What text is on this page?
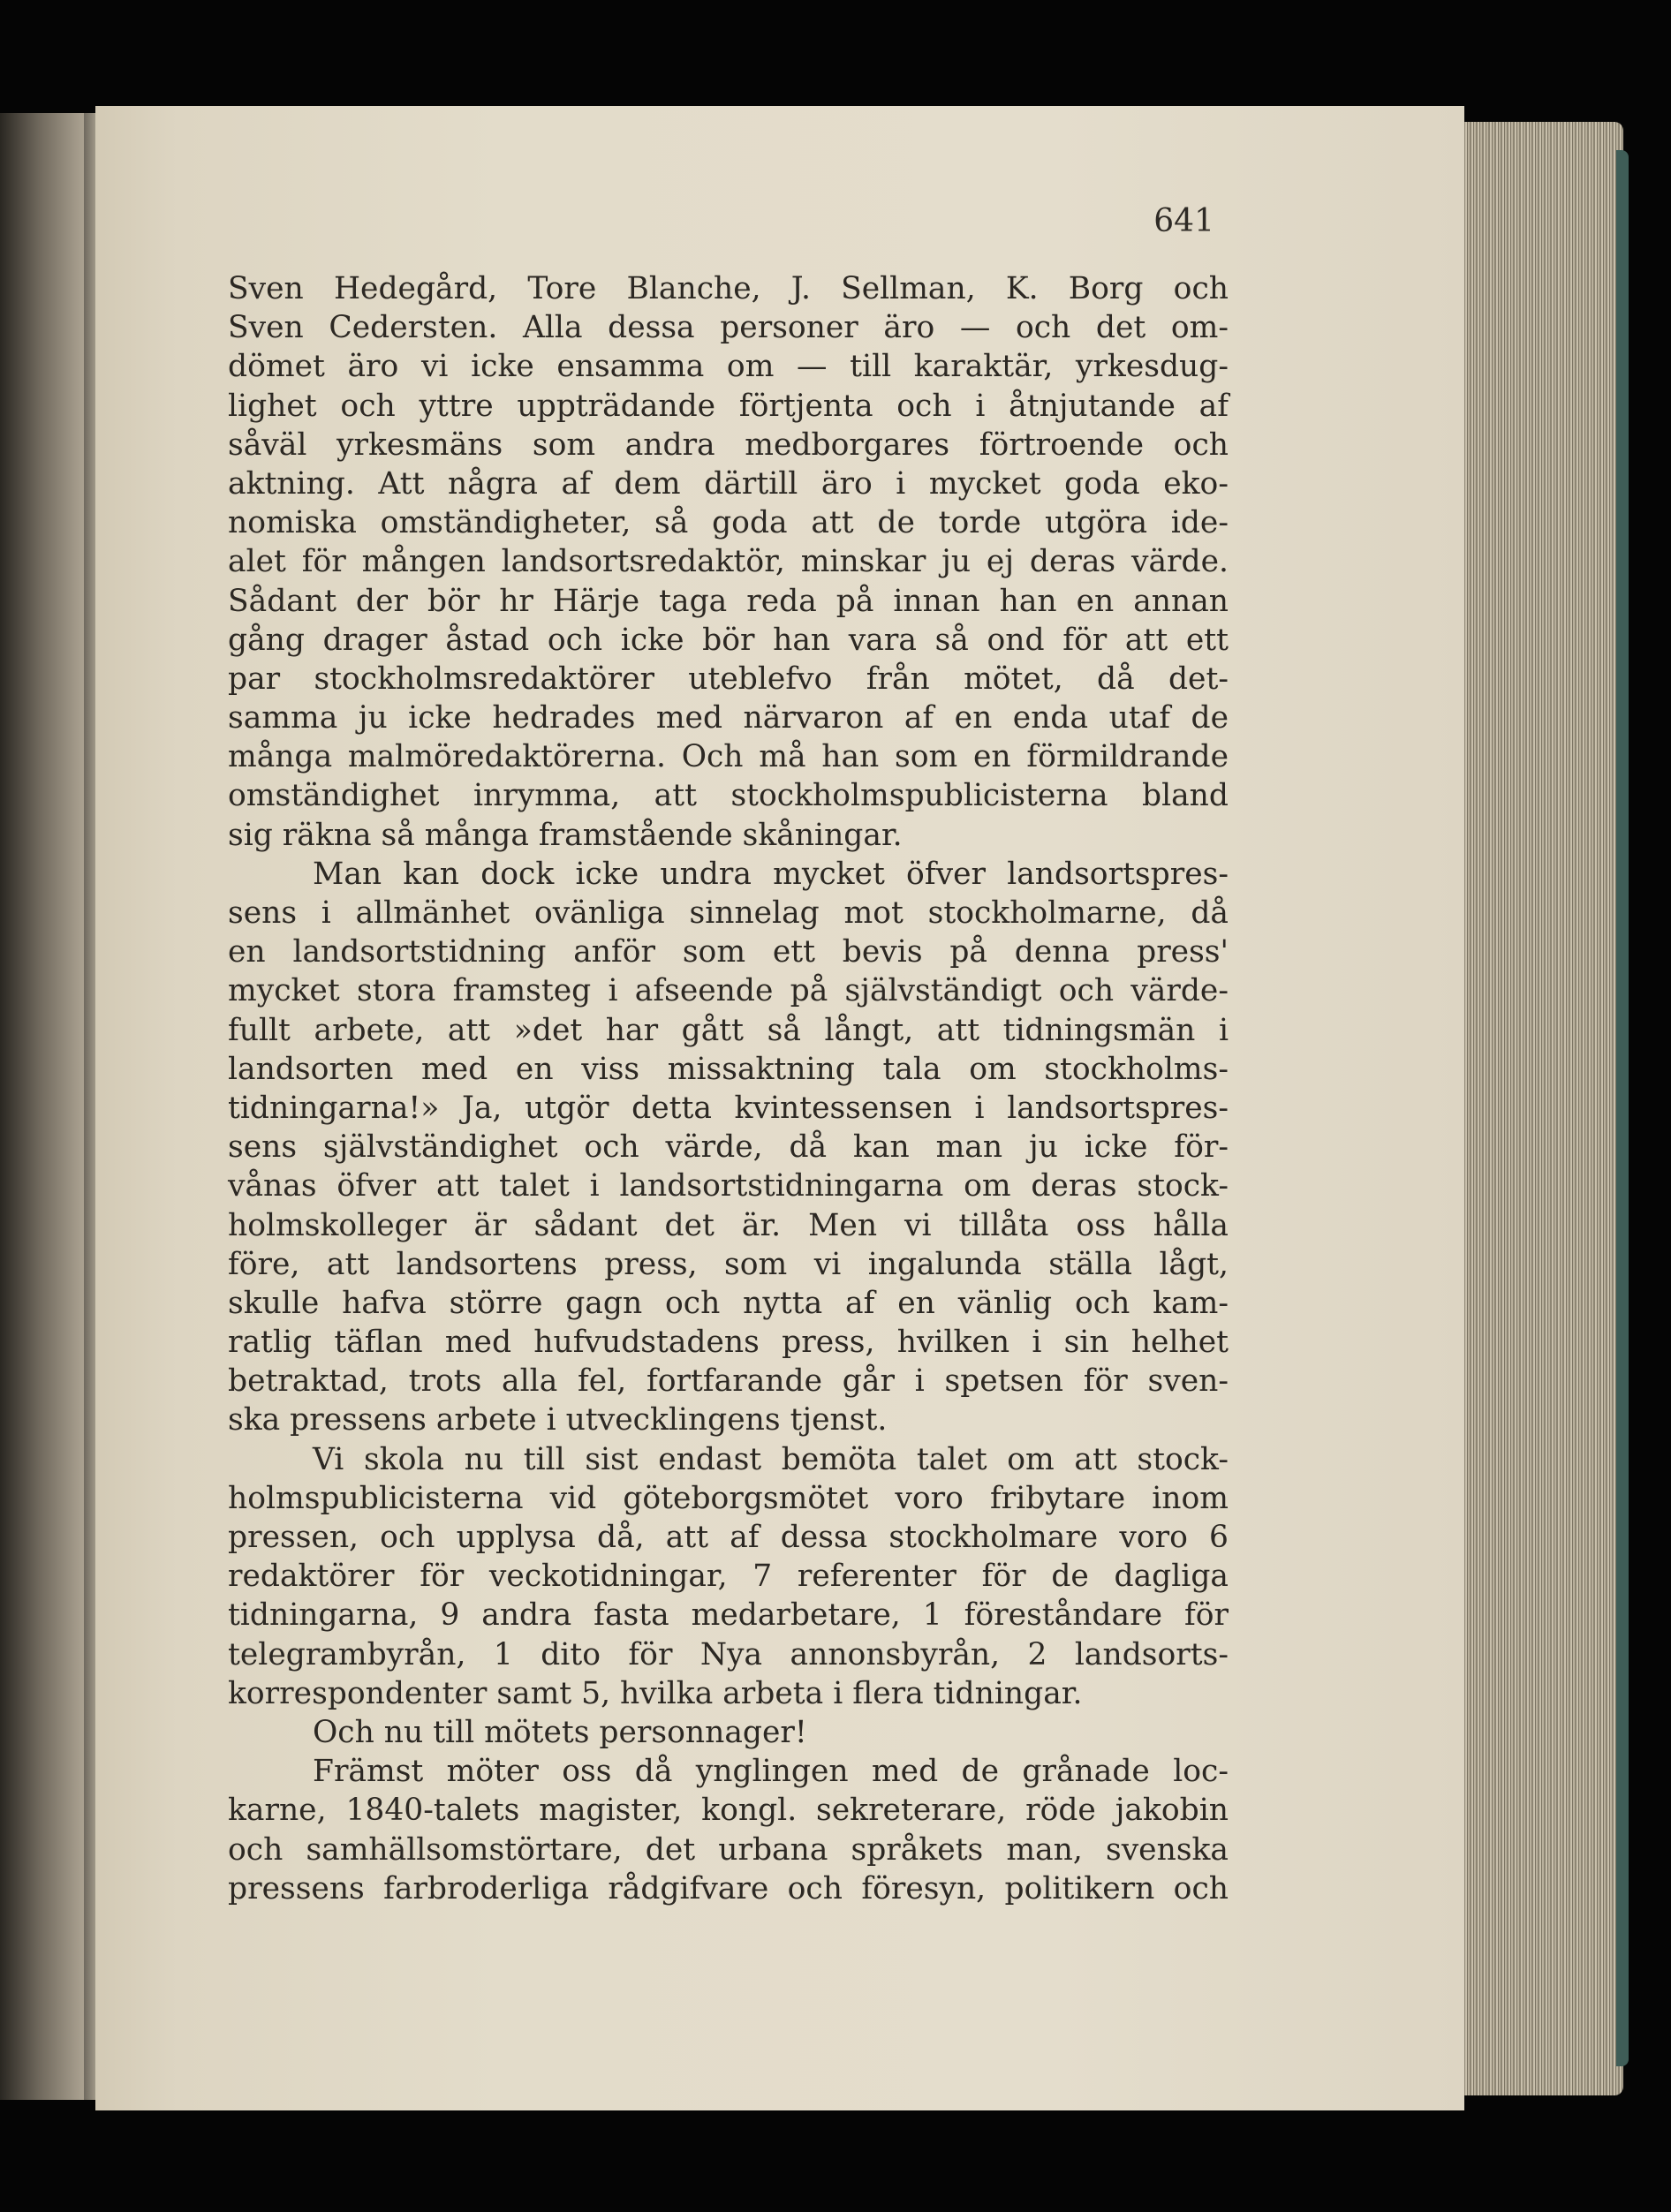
641
Sven Hedegård, Tore Blanche, J. Sellman, K. Borg och
Sven Cedersten. Alla dessa personer äro — och det om-
dömet äro vi icke ensamma om — till karaktär, yrkesdug-
lighet och yttre uppträdande förtjenta och i åtnjutande af
såväl yrkesmäns som andra medborgares förtroende och
aktning. Att några af dem därtill äro i mycket goda eko-
nomiska omständigheter, så goda att de torde utgöra ide-
alet för mången landsortsredaktör, minskar ju ej deras värde.
Sådant der bör hr Härje taga reda på innan han en annan
gång drager åstad och icke bör han vara så ond för att ett
par stockholmsredaktörer uteblefvo från mötet, då det-
samma ju icke hedrades med närvaron af en enda utaf de
många malmöredaktörerna. Och må han som en förmildrande
omständighet inrymma, att stockholmspublicisterna bland
sig räkna så många framstående skåningar.
Man kan dock icke undra mycket öfver landsortspres-
sens i allmänhet ovänliga sinnelag mot stockholmarne, då
en landsortstidning anför som ett bevis på denna press'
mycket stora framsteg i afseende på självständigt och värde-
fullt arbete, att »det har gått så långt, att tidningsmän i
landsorten med en viss missaktning tala om stockholms-
tidningarna!» Ja, utgör detta kvintessensen i landsortspres-
sens självständighet och värde, då kan man ju icke för-
vånas öfver att talet i landsortstidningarna om deras stock-
holmskolleger är sådant det är. Men vi tillåta oss hålla
före, att landsortens press, som vi ingalunda ställa lågt,
skulle hafva större gagn och nytta af en vänlig och kam-
ratlig täflan med hufvudstadens press, hvilken i sin helhet
betraktad, trots alla fel, fortfarande går i spetsen för sven-
ska pressens arbete i utvecklingens tjenst.
Vi skola nu till sist endast bemöta talet om att stock-
holmspublicisterna vid göteborgsmötet voro fribytare inom
pressen, och upplysa då, att af dessa stockholmare voro 6
redaktörer för veckotidningar, 7 referenter för de dagliga
tidningarna, 9 andra fasta medarbetare, 1 föreståndare för
telegrambyrån, 1 dito för Nya annonsbyrån, 2 landsorts-
korrespondenter samt 5, hvilka arbeta i flera tidningar.
Och nu till mötets personnager!
Främst möter oss då ynglingen med de grånade loc-
karne, 1840-talets magister, kongl. sekreterare, röde jakobin
och samhällsomstörtare, det urbana språkets man, svenska
pressens farbroderliga rådgifvare och föresyn, politikern och
